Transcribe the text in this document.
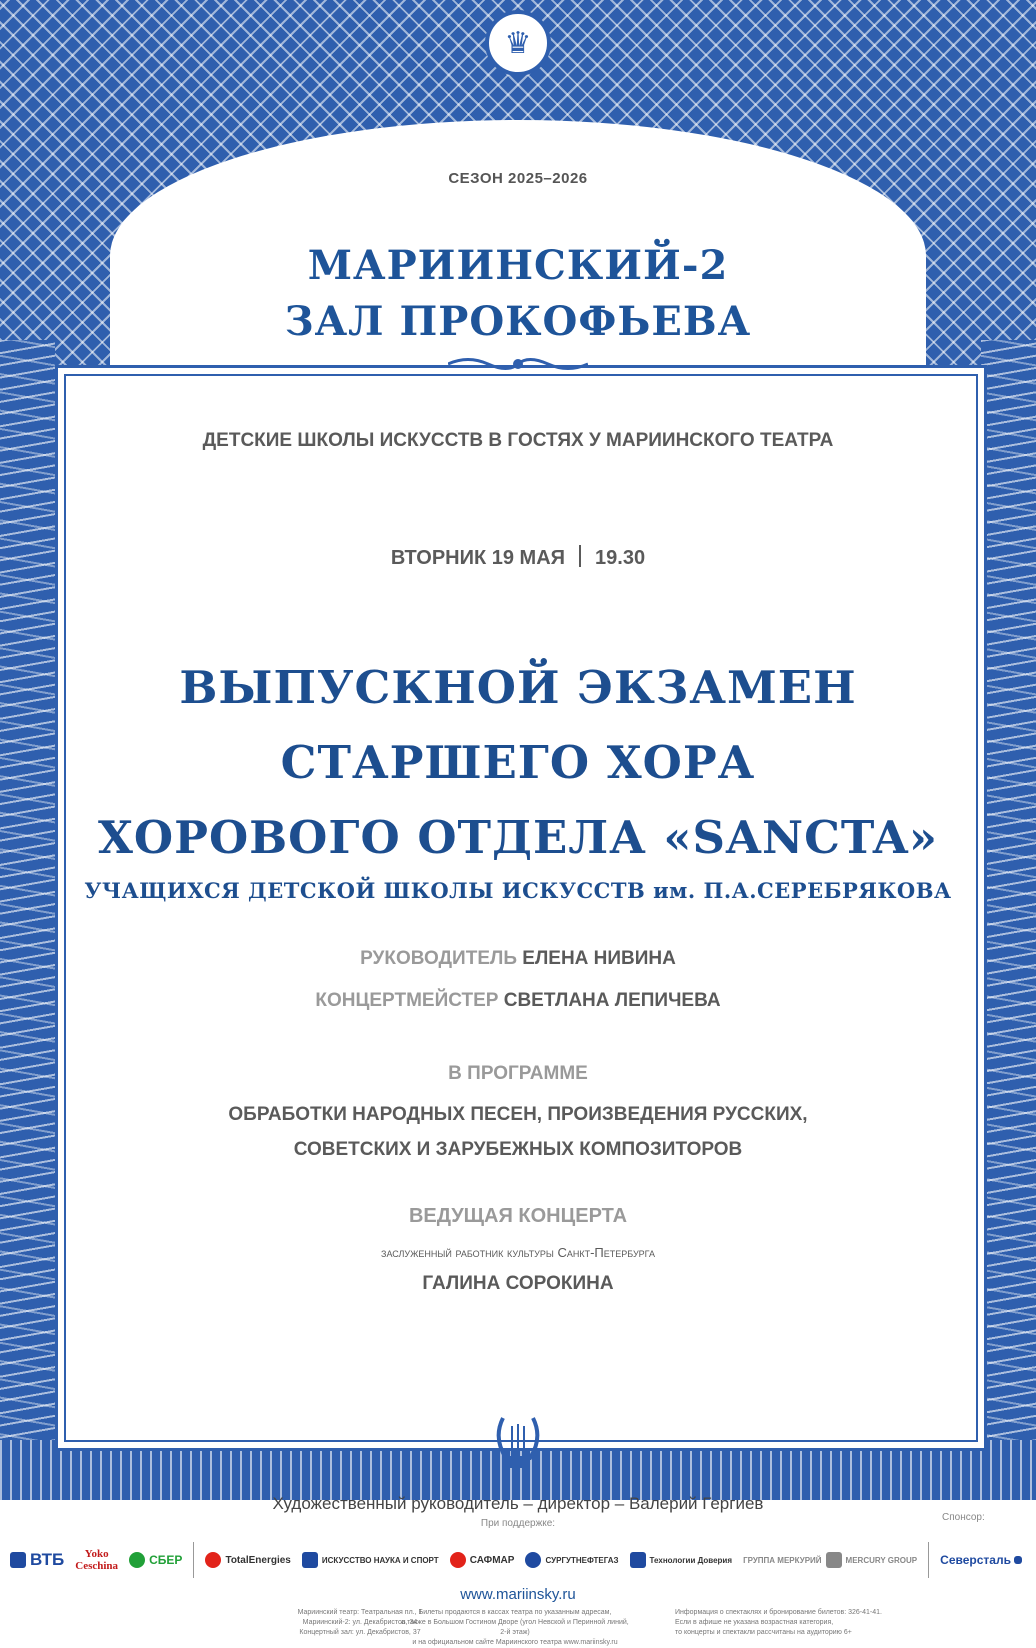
♛
СЕЗОН 2025–2026
МАРИИНСКИЙ-2
ЗАЛ ПРОКОФЬЕВА
ДЕТСКИЕ ШКОЛЫ ИСКУССТВ В ГОСТЯХ У МАРИИНСКОГО ТЕАТРА
ВТОРНИК 19 МАЯ 19.30
ВЫПУСКНОЙ ЭКЗАМЕН
СТАРШЕГО ХОРА
ХОРОВОГО ОТДЕЛА «SANCTA»
УЧАЩИХСЯ ДЕТСКОЙ ШКОЛЫ ИСКУССТВ им. П.А.СЕРЕБРЯКОВА
РУКОВОДИТЕЛЬ ЕЛЕНА НИВИНА
КОНЦЕРТМЕЙСТЕР СВЕТЛАНА ЛЕПИЧЕВА
В ПРОГРАММЕ
ОБРАБОТКИ НАРОДНЫХ ПЕСЕН, ПРОИЗВЕДЕНИЯ РУССКИХ,
СОВЕТСКИХ И ЗАРУБЕЖНЫХ КОМПОЗИТОРОВ
ВЕДУЩАЯ КОНЦЕРТА
заслуженный работник культуры Санкт-Петербурга
ГАЛИНА СОРОКИНА
Художественный руководитель – директор – Валерий Гергиев
При поддержке:
Спонсор:
ВТБ	Yoko
Ceschina	СБЕР	TotalEnergies	ИСКУССТВО НАУКА И СПОРТ	САФМАР	СУРГУТНЕФТЕГАЗ	Технологии Доверия ГРУППА МЕРКУРИЙ	MERCURY GROUP Северсталь
www.mariinsky.ru
Мариинский театр: Театральная пл., 1
Мариинский-2: ул. Декабристов, 34
Концертный зал: ул. Декабристов, 37
Билеты продаются в кассах театра по указанным адресам,
а также в Большом Гостином Дворе (угол Невской и Перинной линий, 2-й этаж)
и на официальном сайте Мариинского театра www.mariinsky.ru
Информация о спектаклях и бронирование билетов: 326-41-41.
Если в афише не указана возрастная категория,
то концерты и спектакли рассчитаны на аудиторию 6+
